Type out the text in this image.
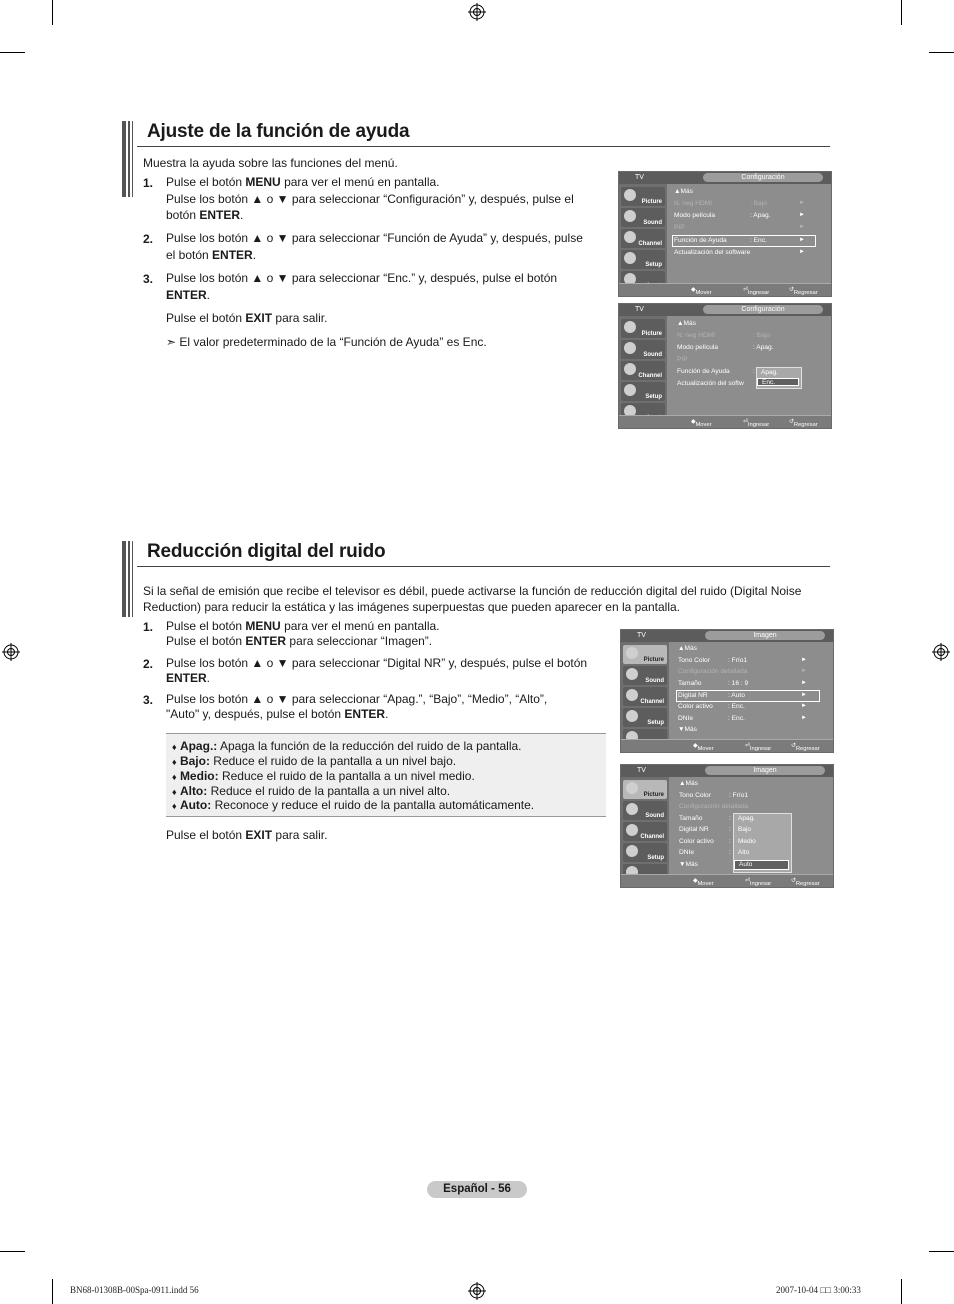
Ajuste de la función de ayuda
Muestra la ayuda sobre las funciones del menú.
1. Pulse el botón MENU para ver el menú en pantalla.
Pulse los botón ▲ o ▼ para seleccionar “Configuración” y, después, pulse el
botón ENTER.
2. Pulse los botón ▲ o ▼ para seleccionar “Función de Ayuda” y, después, pulse
el botón ENTER.
3. Pulse los botón ▲ o ▼ para seleccionar “Enc.” y, después, pulse el botón
ENTER.
Pulse el botón EXIT para salir.
➣ El valor predeterminado de la “Función de Ayuda” es Enc.
TV	Configuración
Picture
Sound
Channel
Setup
▲Más
N. neg HDMI	: Bajo	►
Modo película	: Apag.	►
PIP	►
Función de Ayuda	: Enc.	►
Actualización del software	►
◆ Mover	⏎ Ingresar	↺ Regresar
TV	Configuración
Picture
Sound
Channel
Setup
▲Más
N. neg HDMI	: Bajo
Modo película	: Apag.
PIP
Función de Ayuda	:
Actualización del softw
Apag.
Enc.
◆ Mover	⏎ Ingresar	↺ Regresar
Reducción digital del ruido
Si la señal de emisión que recibe el televisor es débil, puede activarse la función de reducción digital del ruido (Digital Noise
Reduction) para reducir la estática y las imágenes superpuestas que pueden aparecer en la pantalla.
1. Pulse el botón MENU para ver el menú en pantalla.
Pulse el botón ENTER para seleccionar “Imagen”.
2. Pulse los botón ▲ o ▼ para seleccionar “Digital NR” y, después, pulse el botón
ENTER.
3. Pulse los botón ▲ o ▼ para seleccionar “Apag.”, “Bajo”, “Medio”, “Alto”,
"Auto" y, después, pulse el botón ENTER.
♦ Apag.: Apaga la función de la reducción del ruido de la pantalla.
♦ Bajo: Reduce el ruido de la pantalla a un nivel bajo.
♦ Medio: Reduce el ruido de la pantalla a un nivel medio.
♦ Alto: Reduce el ruido de la pantalla a un nivel alto.
♦ Auto: Reconoce y reduce el ruido de la pantalla automáticamente.
Pulse el botón EXIT para salir.
TV	Imagen
Picture
Sound
Channel
Setup
▲Más
Tono Color	: Frío1	►
Configuración detallada	►
Tamaño	: 16 : 9	►
Digital NR	: Auto	►
Color activo : Enc.	►
DNIe	: Enc.	►
▼Más
◆ Mover	⏎ Ingresar	↺ Regresar
TV	Imagen
Picture
Sound
Channel
Setup
▲Más
Tono Color	: Frío1
Configuración detallada
Tamaño	:
Digital NR	:
Color activo :
DNIe	:
▼Más
Apag.
Bajo
Medio
Alto
Auto
◆ Mover	⏎ Ingresar	↺ Regresar
Español - 56
BN68-01308B-00Spa-0911.indd 56	2007-10-04 □□ 3:00:33
